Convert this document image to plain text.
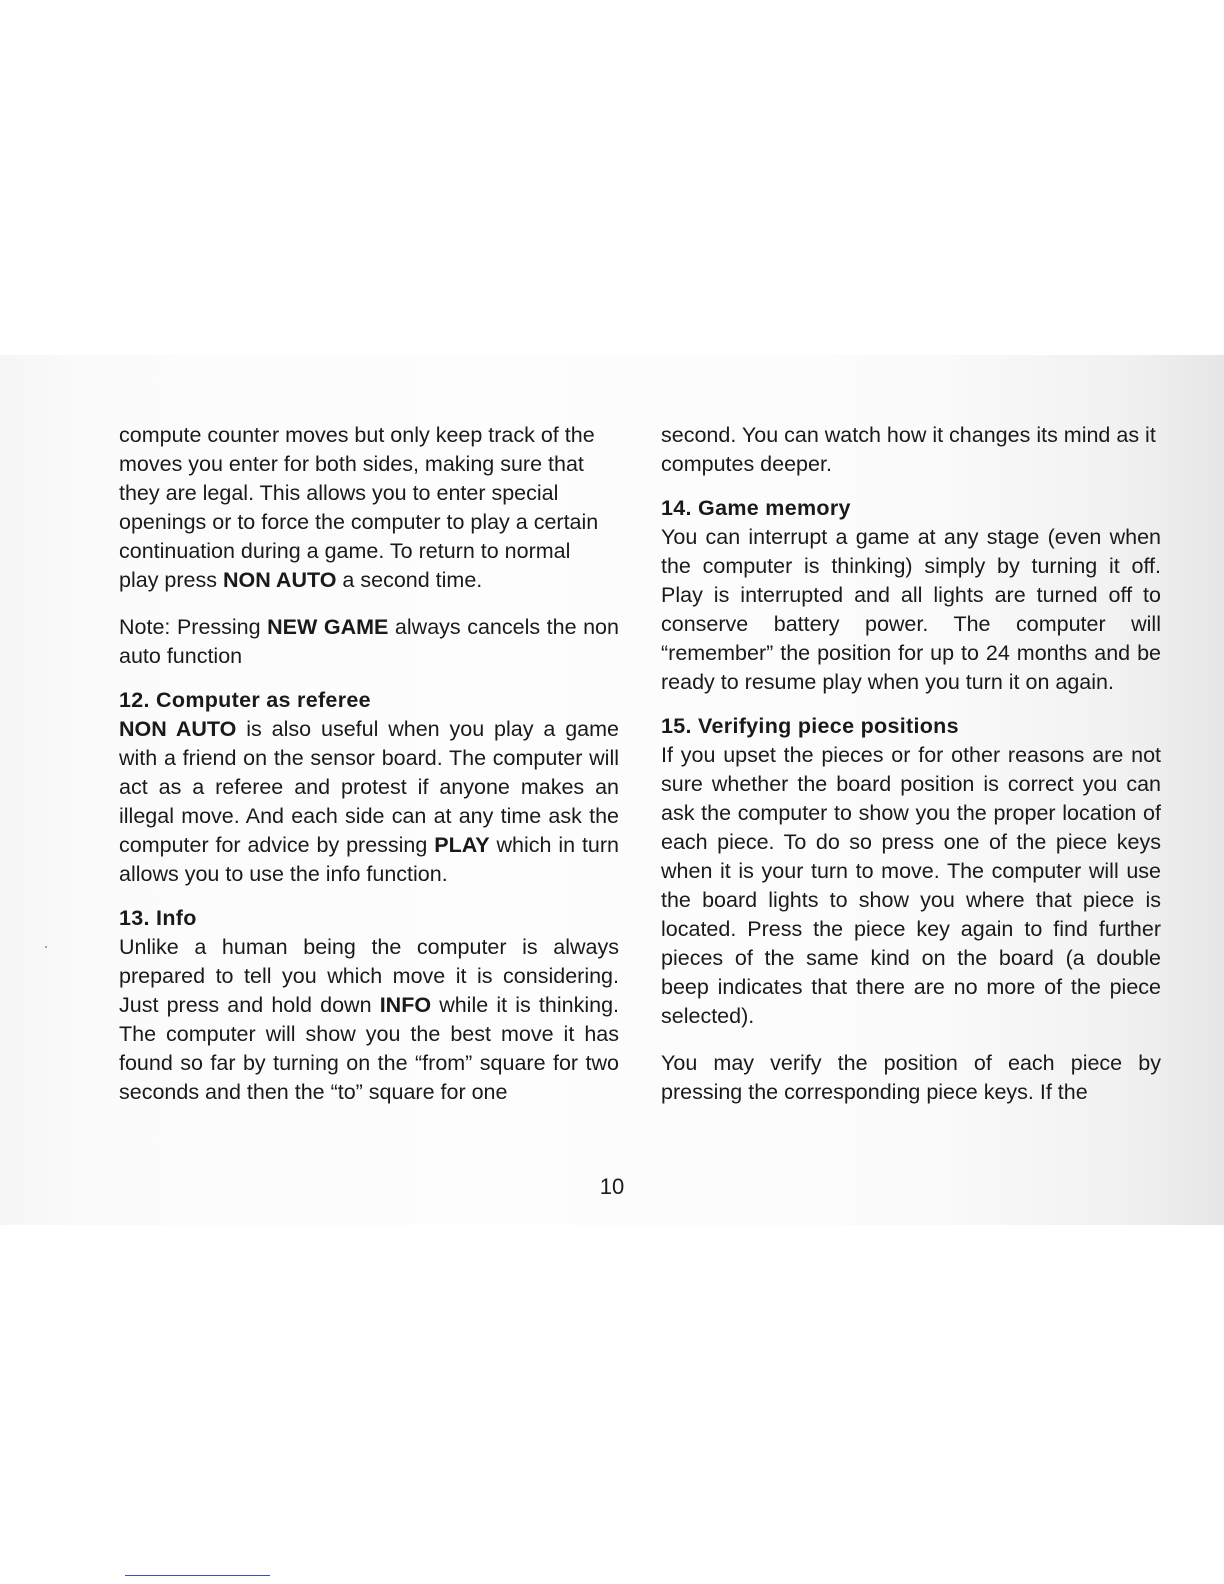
compute counter moves but only keep track of the
moves you enter for both sides, making sure that
they are legal. This allows you to enter special
openings or to force the computer to play a certain
continuation during a game. To return to normal
play press NON AUTO a second time.

Note: Pressing NEW GAME always cancels the non auto function

12. Computer as referee

NON AUTO is also useful when you play a game with a friend on the sensor board. The computer will act as a referee and protest if anyone makes an illegal move. And each side can at any time ask the computer for advice by pressing PLAY which in turn allows you to use the info function.

13. Info

Unlike a human being the computer is always prepared to tell you which move it is considering. Just press and hold down INFO while it is thinking. The computer will show you the best move it has found so far by turning on the “from” square for two seconds and then the “to” square for one

second. You can watch how it changes its mind as it computes deeper.

14. Game memory

You can interrupt a game at any stage (even when the computer is thinking) simply by turning it off. Play is interrupted and all lights are turned off to conserve battery power. The computer will “remember” the position for up to 24 months and be ready to resume play when you turn it on again.

15. Verifying piece positions

If you upset the pieces or for other reasons are not sure whether the board position is correct you can ask the computer to show you the proper location of each piece. To do so press one of the piece keys when it is your turn to move. The computer will use the board lights to show you where that piece is located. Press the piece key again to find further pieces of the same kind on the board (a double beep indicates that there are no more of the piece selected).

You may verify the position of each piece by pressing the corresponding piece keys. If the

10
